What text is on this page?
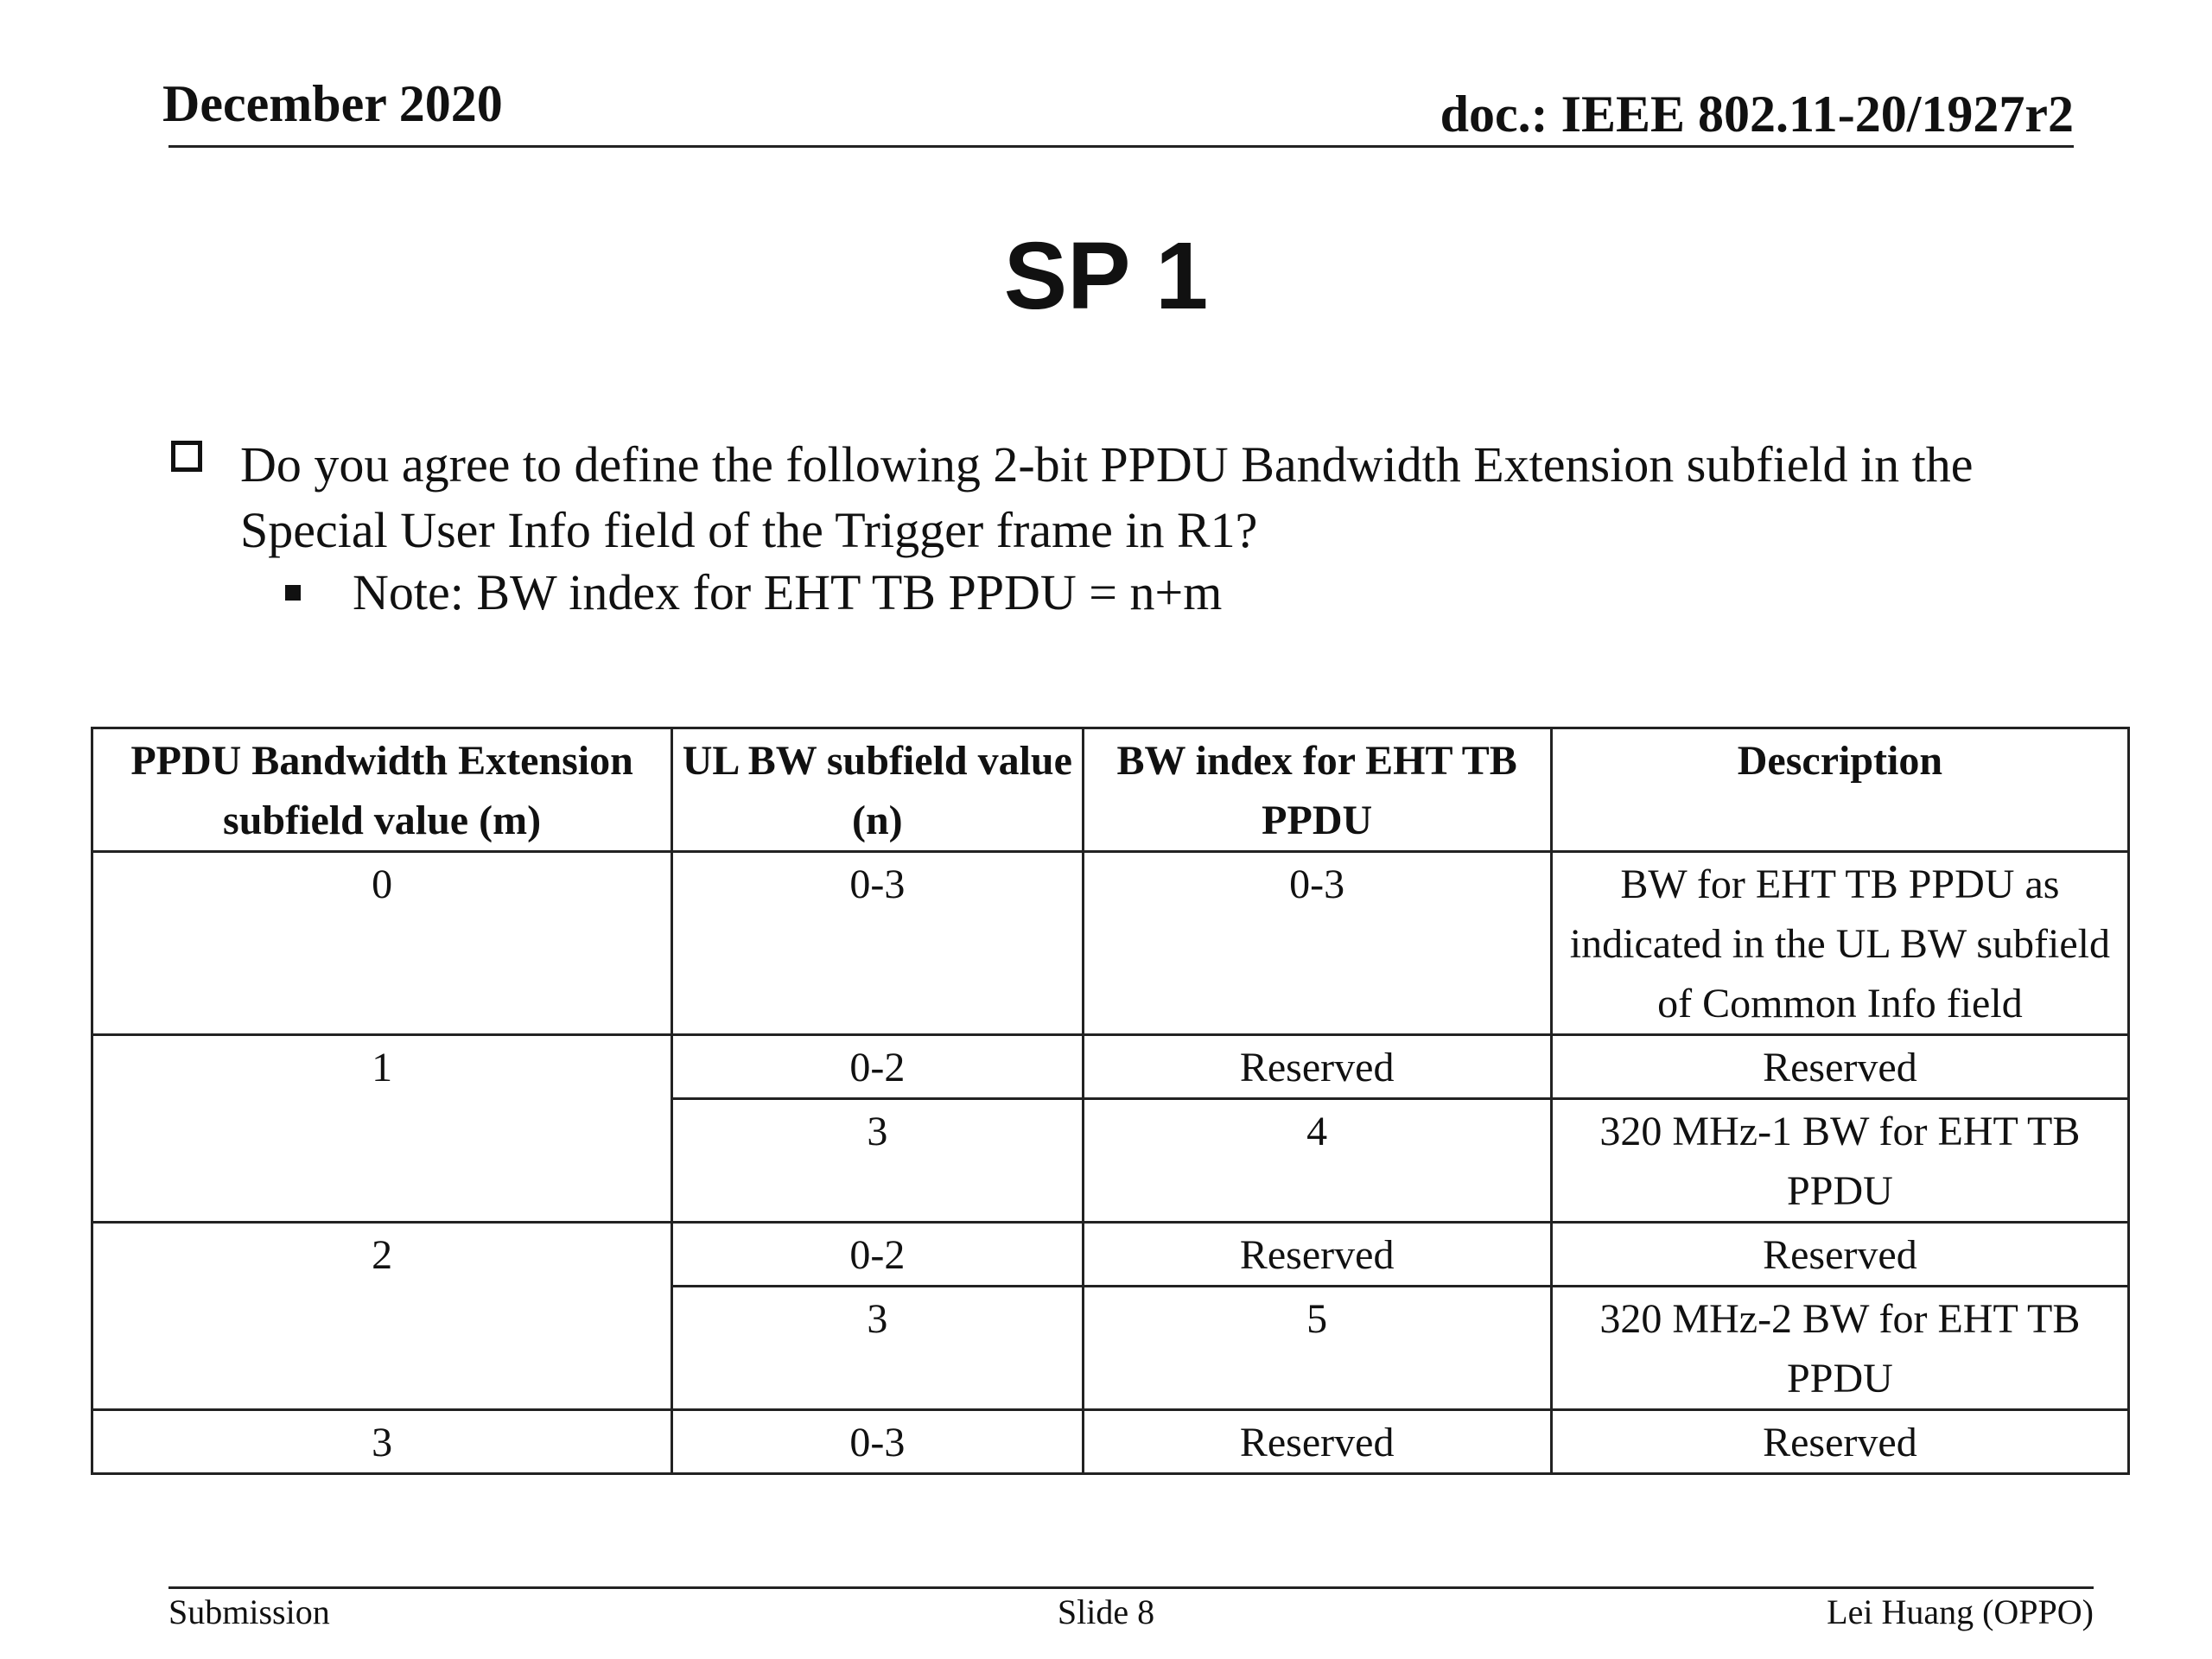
December 2020	doc.: IEEE 802.11-20/1927r2
SP 1
Do you agree to define the following 2-bit PPDU Bandwidth Extension subfield in the Special User Info field of the Trigger frame in R1?
Note: BW index for EHT TB PPDU = n+m
PPDU Bandwidth Extension subfield value (m)	UL BW subfield value (n)	BW index for EHT TB PPDU	Description
0	0-3	0-3	BW for EHT TB PPDU as indicated in the UL BW subfield of Common Info field
1	0-2	Reserved	Reserved
	3	4	320 MHz-1 BW for EHT TB PPDU
2	0-2	Reserved	Reserved
	3	5	320 MHz-2 BW for EHT TB PPDU
3	0-3	Reserved	Reserved
Submission	Slide 8	Lei Huang (OPPO)
